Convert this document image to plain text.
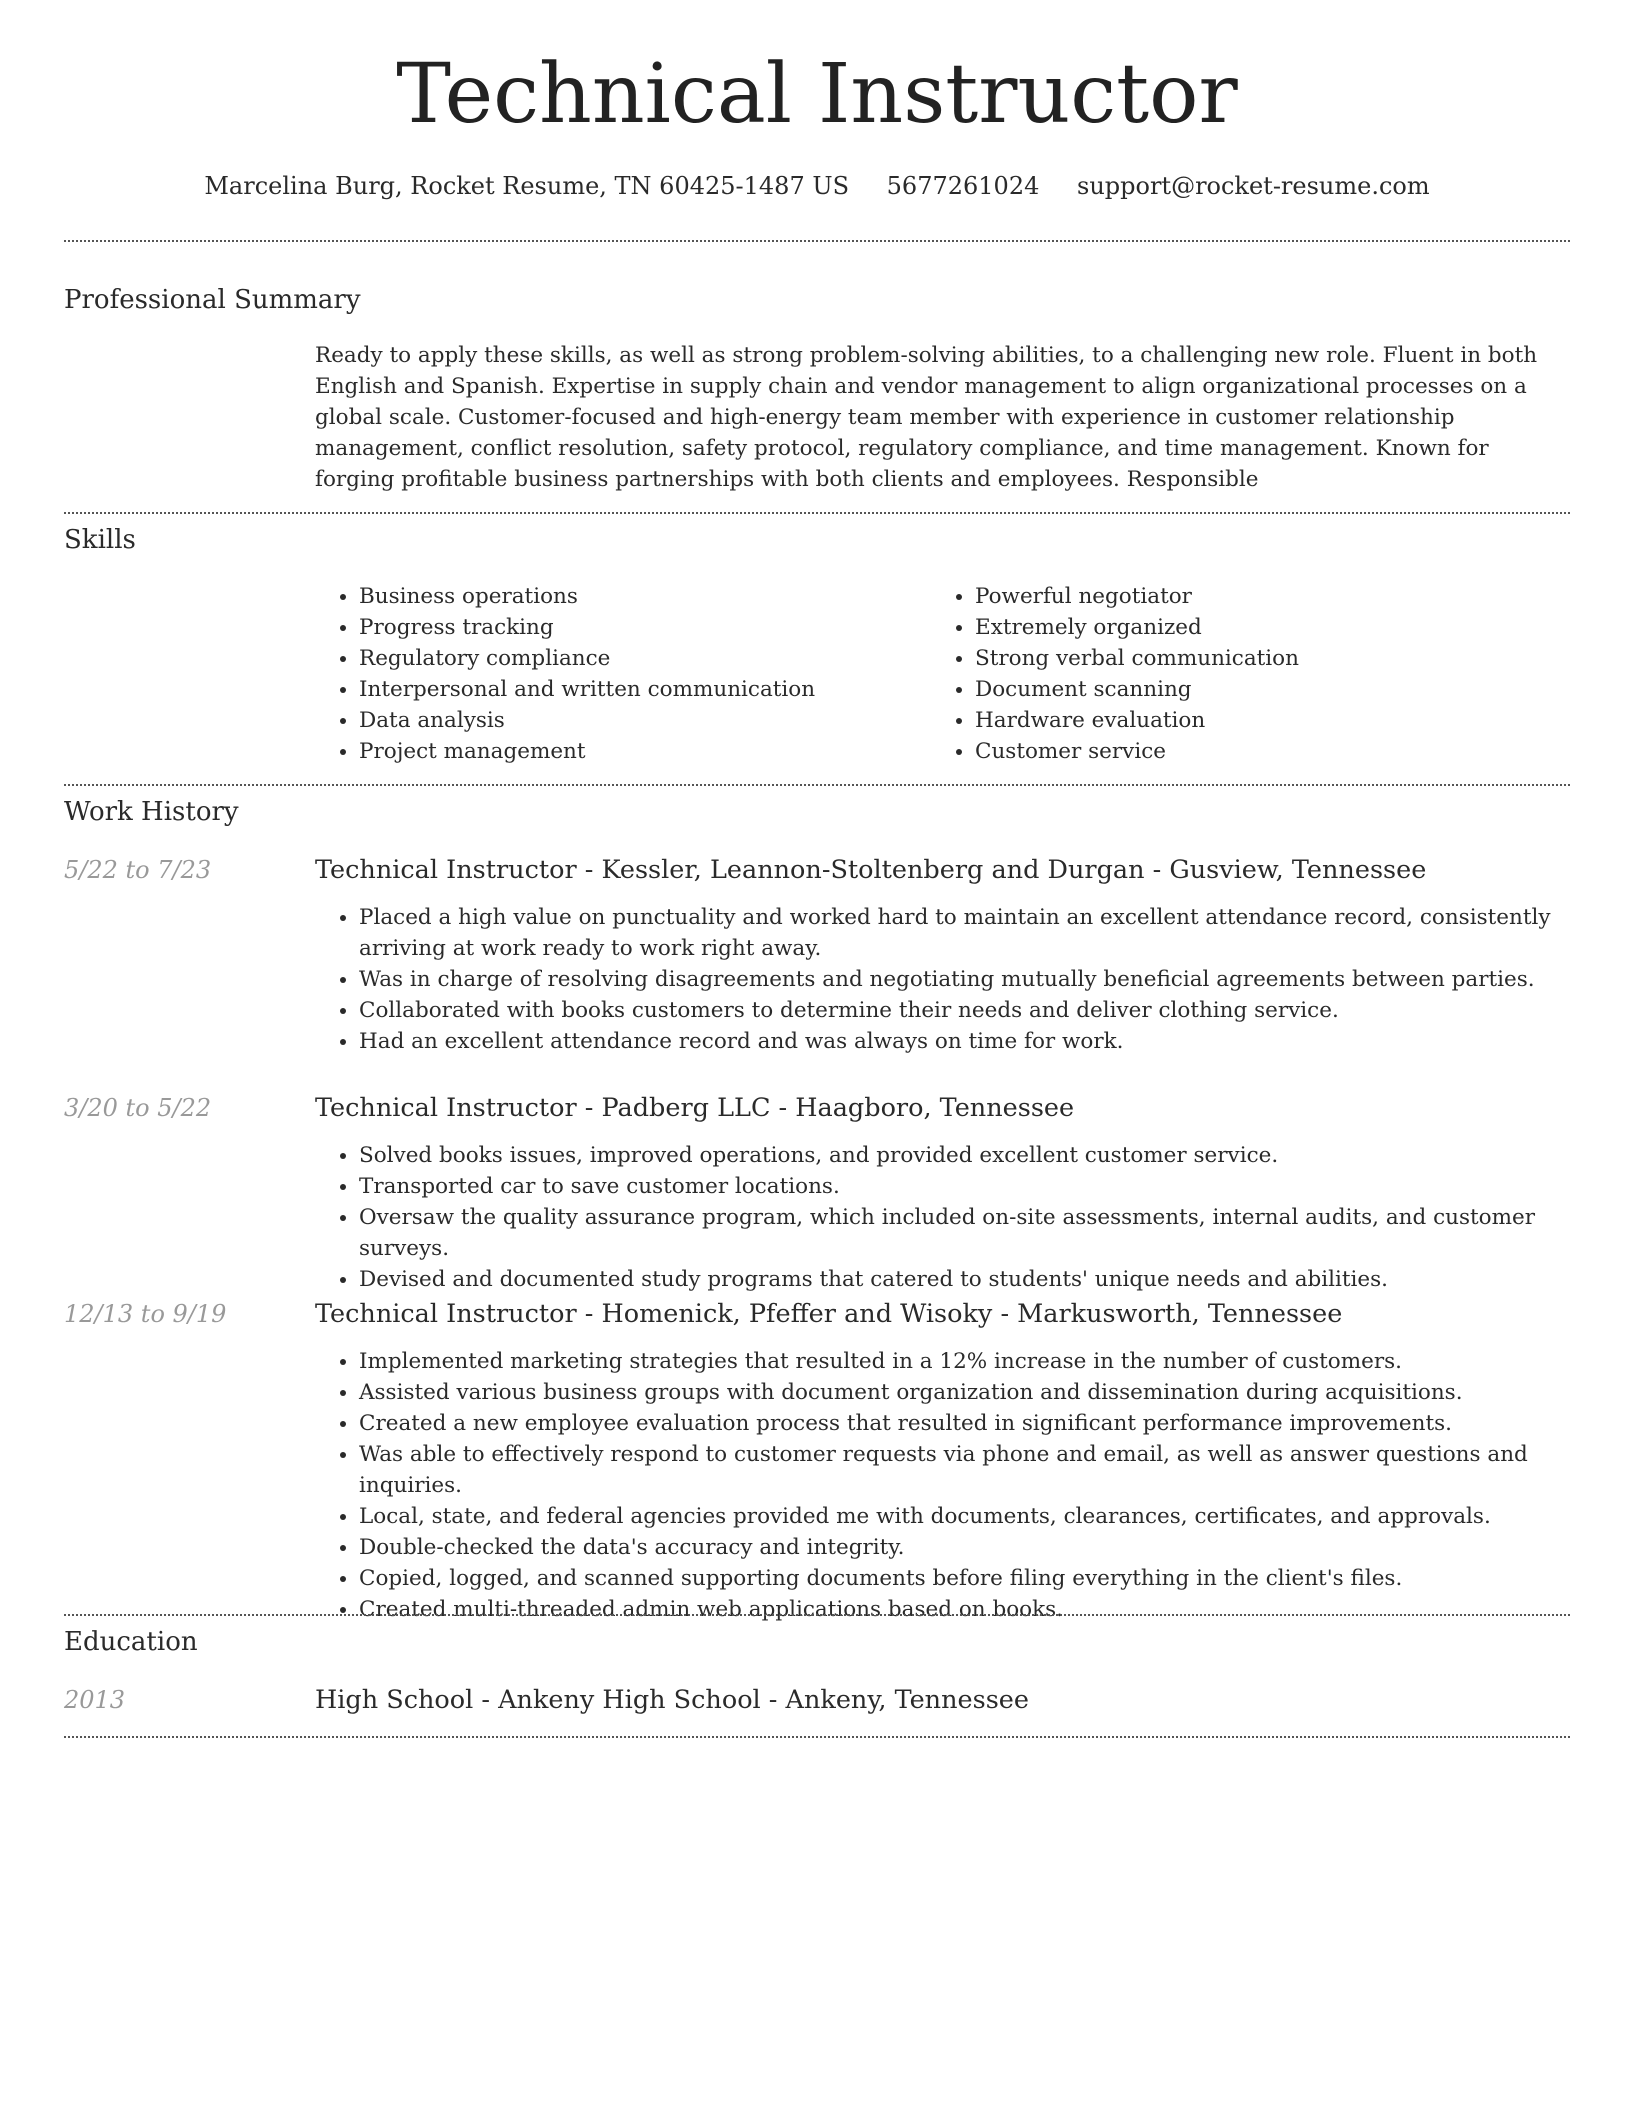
Technical Instructor
Marcelina Burg, Rocket Resume, TN 60425-1487 US 5677261024 support@rocket-resume.com
Professional Summary

Ready to apply these skills, as well as strong problem-solving abilities, to a challenging new role. Fluent in both English and Spanish. Expertise in supply chain and vendor management to align organizational processes on a global scale. Customer-focused and high-energy team member with experience in customer relationship management, conflict resolution, safety protocol, regulatory compliance, and time management. Known for forging profitable business partnerships with both clients and employees. Responsible

Skills
• Business operations
• Progress tracking
• Regulatory compliance
• Interpersonal and written communication
• Data analysis
• Project management
• Powerful negotiator
• Extremely organized
• Strong verbal communication
• Document scanning
• Hardware evaluation
• Customer service
Work History
5/22 to 7/23	Technical Instructor - Kessler, Leannon-Stoltenberg and Durgan - Gusview, Tennessee
• Placed a high value on punctuality and worked hard to maintain an excellent attendance record, consistently arriving at work ready to work right away.
• Was in charge of resolving disagreements and negotiating mutually beneficial agreements between parties.
• Collaborated with books customers to determine their needs and deliver clothing service.
• Had an excellent attendance record and was always on time for work.
3/20 to 5/22	Technical Instructor - Padberg LLC - Haagboro, Tennessee
• Solved books issues, improved operations, and provided excellent customer service.
• Transported car to save customer locations.
• Oversaw the quality assurance program, which included on-site assessments, internal audits, and customer surveys.
• Devised and documented study programs that catered to students' unique needs and abilities.
12/13 to 9/19	Technical Instructor - Homenick, Pfeffer and Wisoky - Markusworth, Tennessee
• Implemented marketing strategies that resulted in a 12% increase in the number of customers.
• Assisted various business groups with document organization and dissemination during acquisitions.
• Created a new employee evaluation process that resulted in significant performance improvements.
• Was able to effectively respond to customer requests via phone and email, as well as answer questions and inquiries.
• Local, state, and federal agencies provided me with documents, clearances, certificates, and approvals.
• Double-checked the data's accuracy and integrity.
• Copied, logged, and scanned supporting documents before filing everything in the client's files.
• Created multi-threaded admin web applications based on books.
Education
2013	High School - Ankeny High School - Ankeny, Tennessee
